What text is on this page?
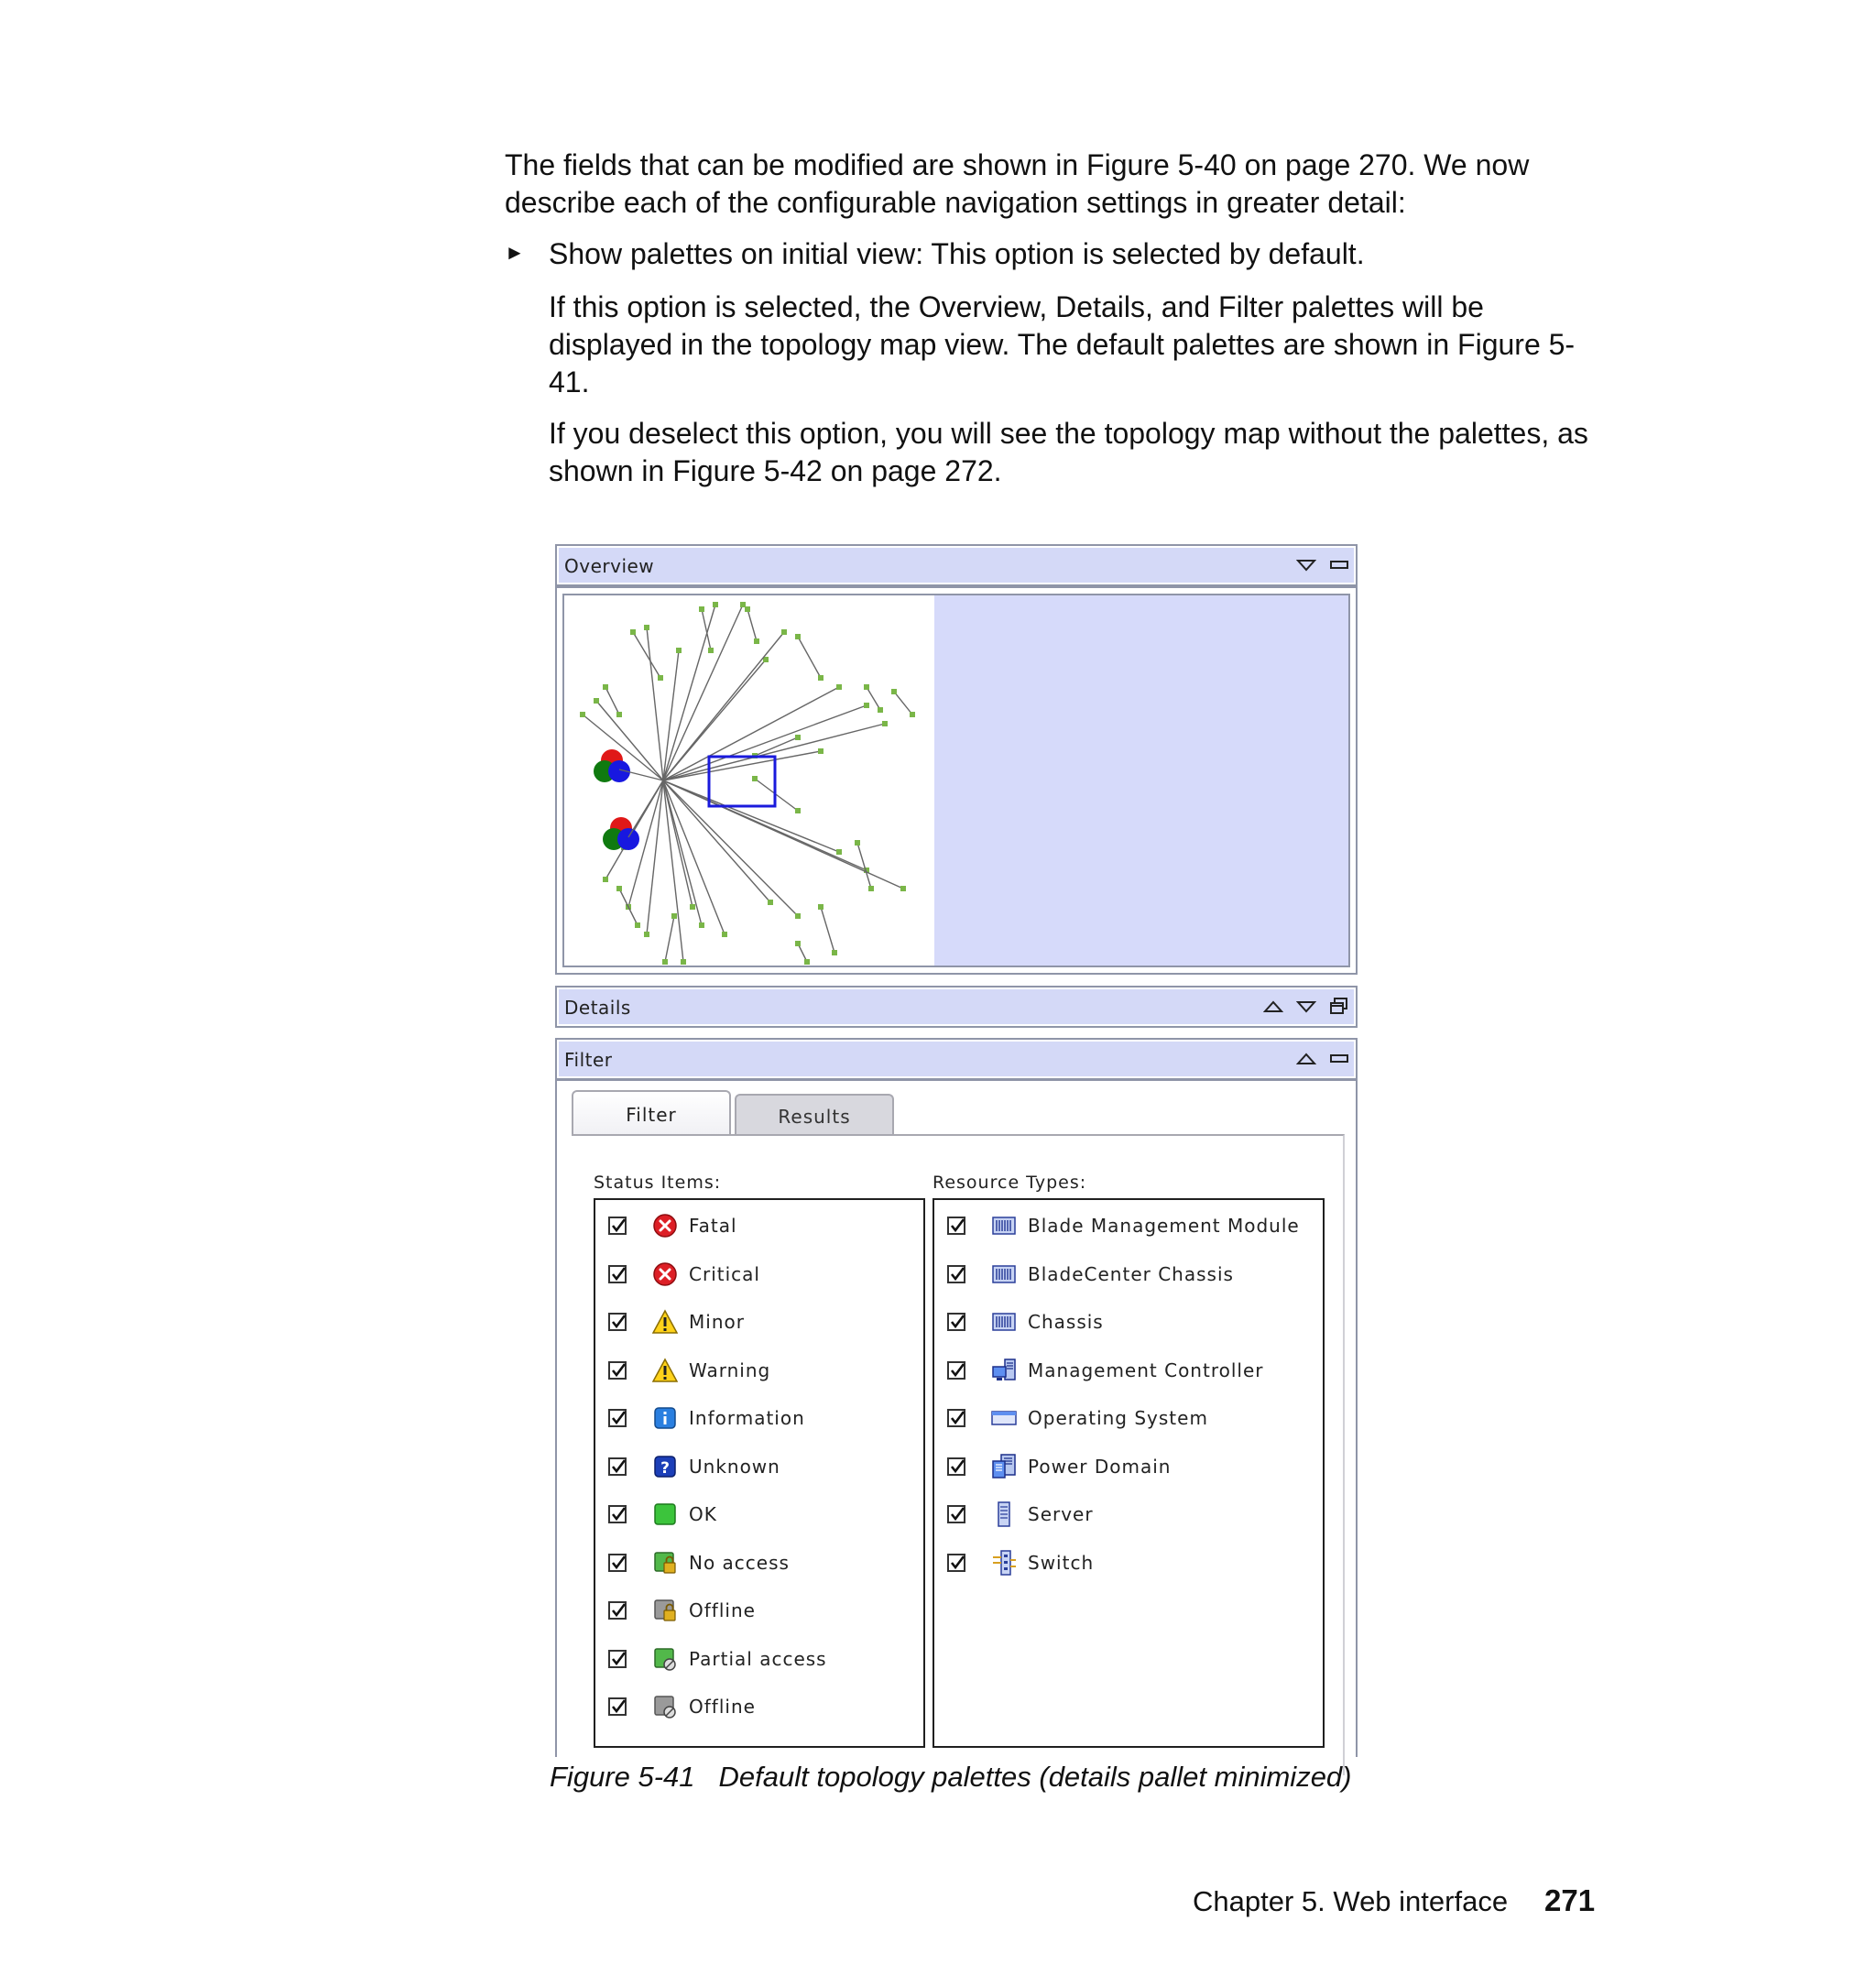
The fields that can be modified are shown in Figure 5-40 on page 270. We now describe each of the configurable navigation settings in greater detail:

► Show palettes on initial view: This option is selected by default.

If this option is selected, the Overview, Details, and Filter palettes will be displayed in the topology map view. The default palettes are shown in Figure 5-41.

If you deselect this option, you will see the topology map without the palettes, as shown in Figure 5-42 on page 272.

Overview
Details
Filter
Filter	Results
Status Items:	Resource Types:
Fatal
Critical
Minor
Warning
Information
? Unknown
OK
No access
Offline
Partial access
Offline
Blade Management Module
BladeCenter Chassis
Chassis
Management Controller
Operating System
Power Domain
Server
Switch
Figure 5-41 Default topology palettes (details pallet minimized)
Chapter 5. Web interface 271
